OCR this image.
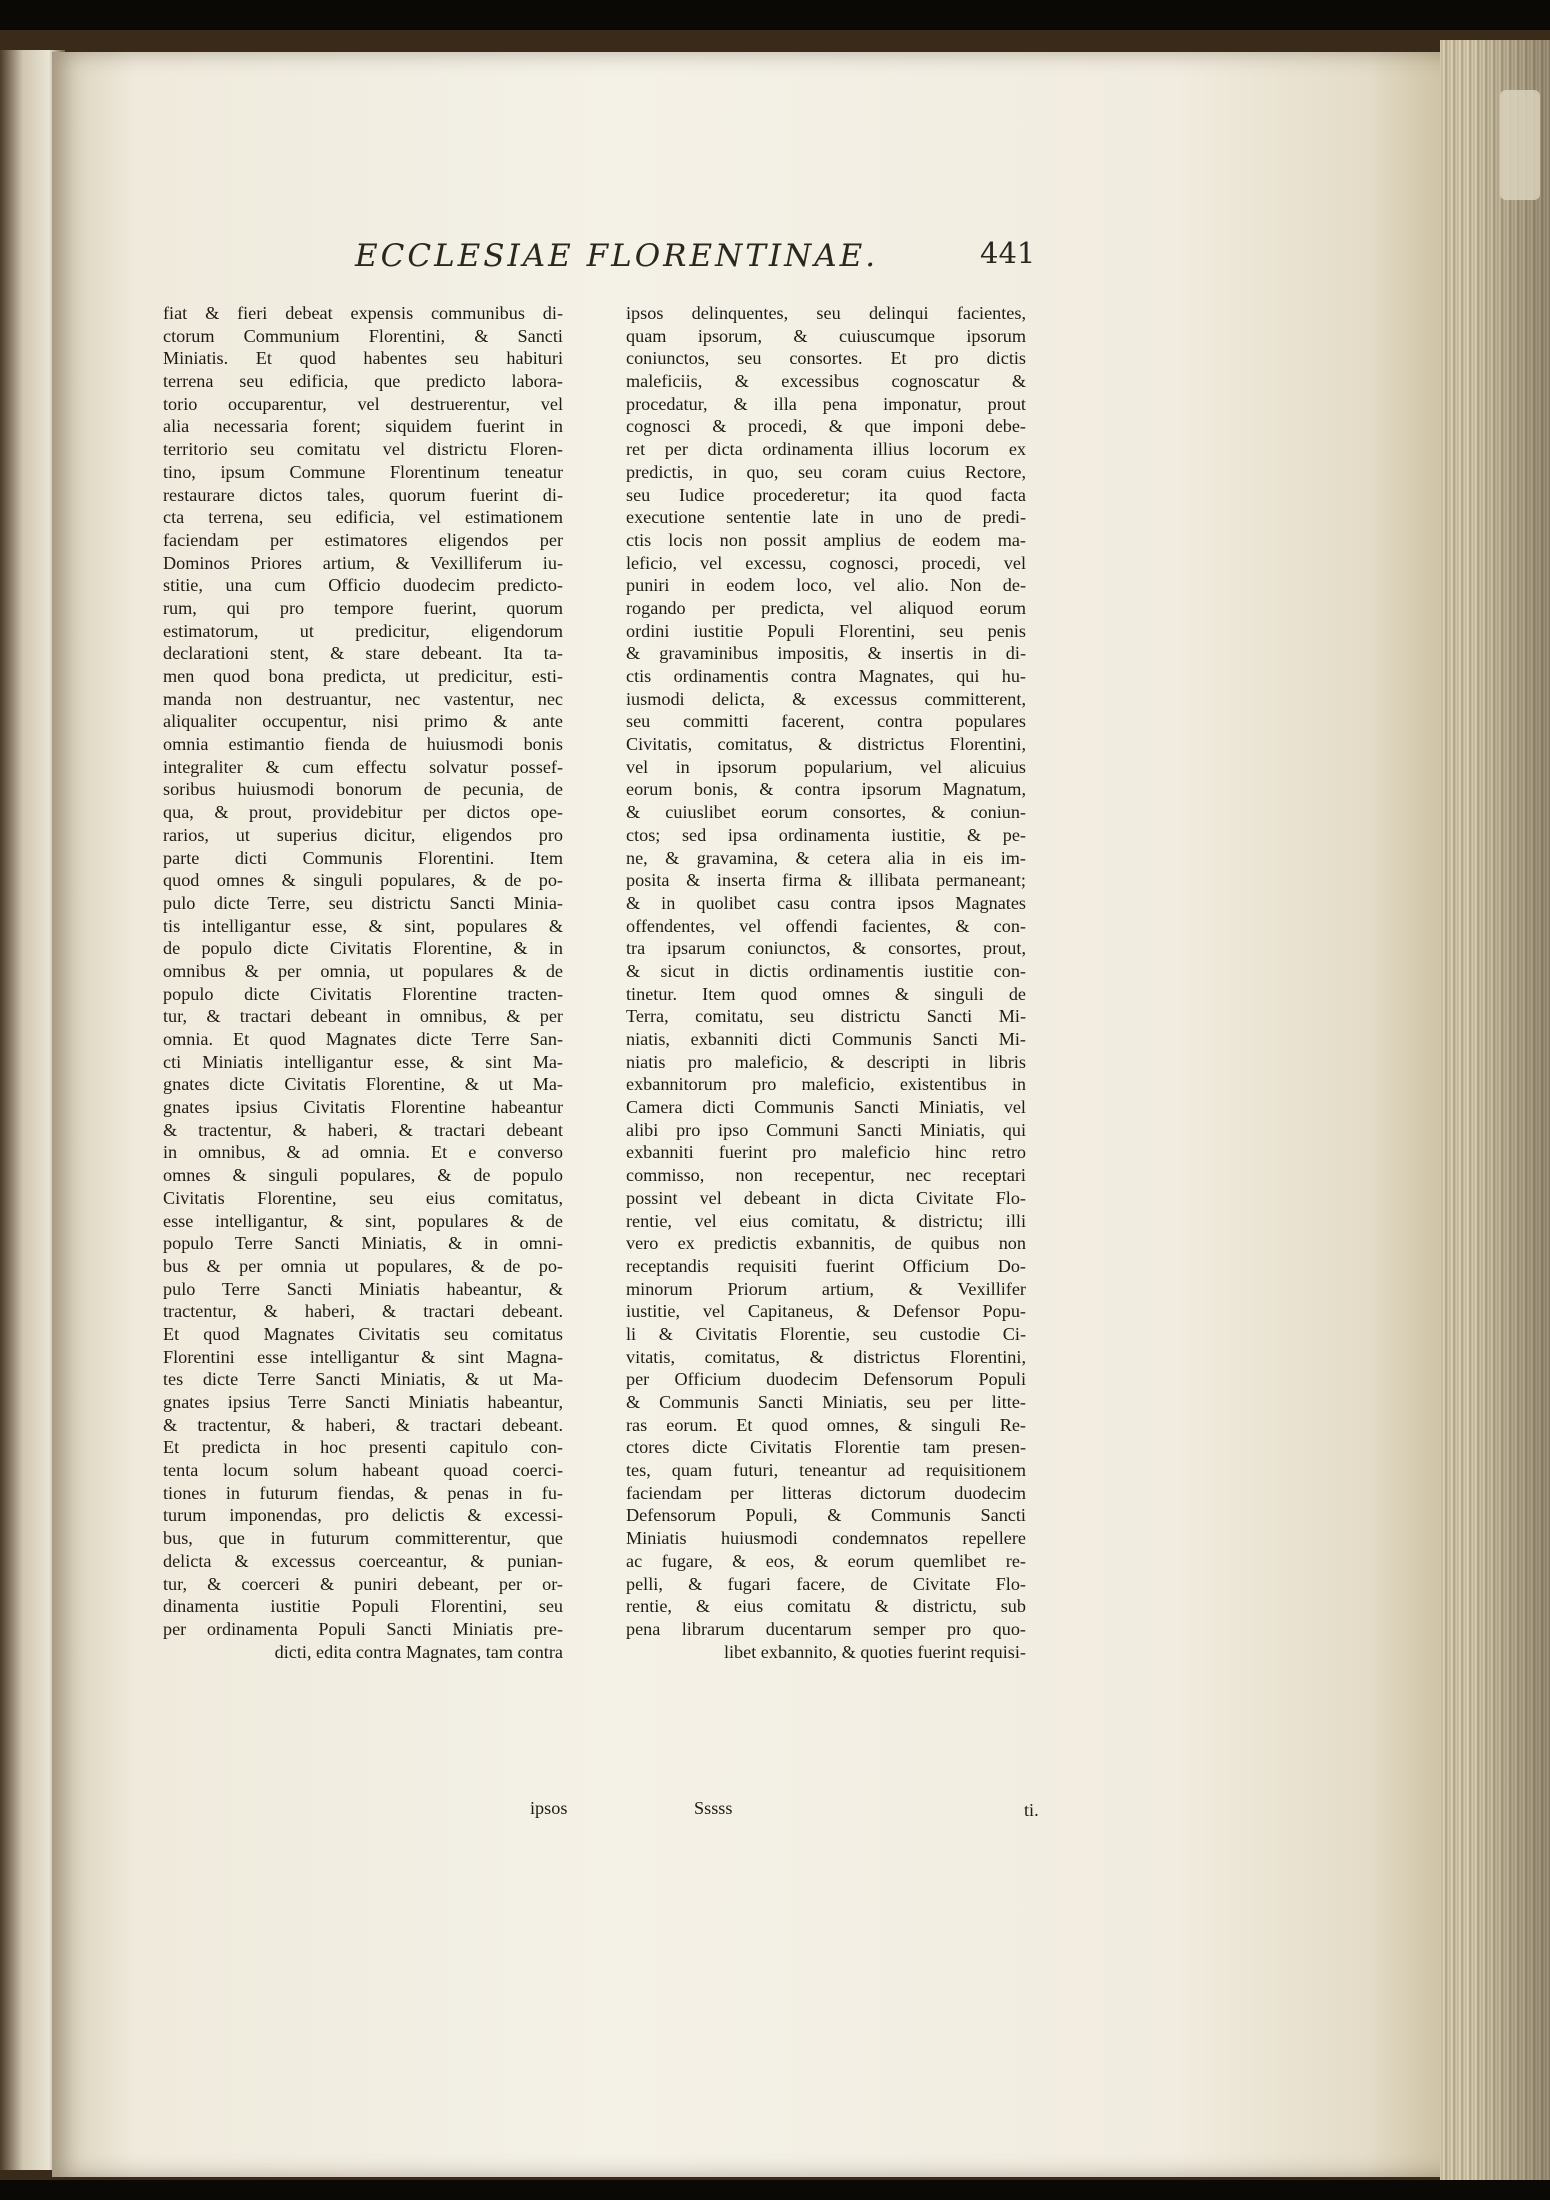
ECCLESIAE FLORENTINAE.	441
fiat & fieri debeat expensis communibus di-
ctorum Communium Florentini, & Sancti
Miniatis. Et quod habentes seu habituri
terrena seu edificia, que predicto labora-
torio occuparentur, vel destruerentur, vel
alia necessaria forent; siquidem fuerint in
territorio seu comitatu vel districtu Floren-
tino, ipsum Commune Florentinum teneatur
restaurare dictos tales, quorum fuerint di-
cta terrena, seu edificia, vel estimationem
faciendam per estimatores eligendos per
Dominos Priores artium, & Vexilliferum iu-
stitie, una cum Officio duodecim predicto-
rum, qui pro tempore fuerint, quorum
estimatorum, ut predicitur, eligendorum
declarationi stent, & stare debeant. Ita ta-
men quod bona predicta, ut predicitur, esti-
manda non destruantur, nec vastentur, nec
aliqualiter occupentur, nisi primo & ante
omnia estimantio fienda de huiusmodi bonis
integraliter & cum effectu solvatur possef-
soribus huiusmodi bonorum de pecunia, de
qua, & prout, providebitur per dictos ope-
rarios, ut superius dicitur, eligendos pro
parte dicti Communis Florentini. Item
quod omnes & singuli populares, & de po-
pulo dicte Terre, seu districtu Sancti Minia-
tis intelligantur esse, & sint, populares &
de populo dicte Civitatis Florentine, & in
omnibus & per omnia, ut populares & de
populo dicte Civitatis Florentine tracten-
tur, & tractari debeant in omnibus, & per
omnia. Et quod Magnates dicte Terre San-
cti Miniatis intelligantur esse, & sint Ma-
gnates dicte Civitatis Florentine, & ut Ma-
gnates ipsius Civitatis Florentine habeantur
& tractentur, & haberi, & tractari debeant
in omnibus, & ad omnia. Et e converso
omnes & singuli populares, & de populo
Civitatis Florentine, seu eius comitatus,
esse intelligantur, & sint, populares & de
populo Terre Sancti Miniatis, & in omni-
bus & per omnia ut populares, & de po-
pulo Terre Sancti Miniatis habeantur, &
tractentur, & haberi, & tractari debeant.
Et quod Magnates Civitatis seu comitatus
Florentini esse intelligantur & sint Magna-
tes dicte Terre Sancti Miniatis, & ut Ma-
gnates ipsius Terre Sancti Miniatis habeantur,
& tractentur, & haberi, & tractari debeant.
Et predicta in hoc presenti capitulo con-
tenta locum solum habeant quoad coerci-
tiones in futurum fiendas, & penas in fu-
turum imponendas, pro delictis & excessi-
bus, que in futurum committerentur, que
delicta & excessus coerceantur, & punian-
tur, & coerceri & puniri debeant, per or-
dinamenta iustitie Populi Florentini, seu
per ordinamenta Populi Sancti Miniatis pre-
dicti, edita contra Magnates, tam contra
ipsos delinquentes, seu delinqui facientes,
quam ipsorum, & cuiuscumque ipsorum
coniunctos, seu consortes. Et pro dictis
maleficiis, & excessibus cognoscatur &
procedatur, & illa pena imponatur, prout
cognosci & procedi, & que imponi debe-
ret per dicta ordinamenta illius locorum ex
predictis, in quo, seu coram cuius Rectore,
seu Iudice procederetur; ita quod facta
executione sententie late in uno de predi-
ctis locis non possit amplius de eodem ma-
leficio, vel excessu, cognosci, procedi, vel
puniri in eodem loco, vel alio. Non de-
rogando per predicta, vel aliquod eorum
ordini iustitie Populi Florentini, seu penis
& gravaminibus impositis, & insertis in di-
ctis ordinamentis contra Magnates, qui hu-
iusmodi delicta, & excessus committerent,
seu committi facerent, contra populares
Civitatis, comitatus, & districtus Florentini,
vel in ipsorum popularium, vel alicuius
eorum bonis, & contra ipsorum Magnatum,
& cuiuslibet eorum consortes, & coniun-
ctos; sed ipsa ordinamenta iustitie, & pe-
ne, & gravamina, & cetera alia in eis im-
posita & inserta firma & illibata permaneant;
& in quolibet casu contra ipsos Magnates
offendentes, vel offendi facientes, & con-
tra ipsarum coniunctos, & consortes, prout,
& sicut in dictis ordinamentis iustitie con-
tinetur. Item quod omnes & singuli de
Terra, comitatu, seu districtu Sancti Mi-
niatis, exbanniti dicti Communis Sancti Mi-
niatis pro maleficio, & descripti in libris
exbannitorum pro maleficio, existentibus in
Camera dicti Communis Sancti Miniatis, vel
alibi pro ipso Communi Sancti Miniatis, qui
exbanniti fuerint pro maleficio hinc retro
commisso, non recepentur, nec receptari
possint vel debeant in dicta Civitate Flo-
rentie, vel eius comitatu, & districtu; illi
vero ex predictis exbannitis, de quibus non
receptandis requisiti fuerint Officium Do-
minorum Priorum artium, & Vexillifer
iustitie, vel Capitaneus, & Defensor Popu-
li & Civitatis Florentie, seu custodie Ci-
vitatis, comitatus, & districtus Florentini,
per Officium duodecim Defensorum Populi
& Communis Sancti Miniatis, seu per litte-
ras eorum. Et quod omnes, & singuli Re-
ctores dicte Civitatis Florentie tam presen-
tes, quam futuri, teneantur ad requisitionem
faciendam per litteras dictorum duodecim
Defensorum Populi, & Communis Sancti
Miniatis huiusmodi condemnatos repellere
ac fugare, & eos, & eorum quemlibet re-
pelli, & fugari facere, de Civitate Flo-
rentie, & eius comitatu & districtu, sub
pena librarum ducentarum semper pro quo-
libet exbannito, & quoties fuerint requisi-
ipsos	Sssss	ti.
